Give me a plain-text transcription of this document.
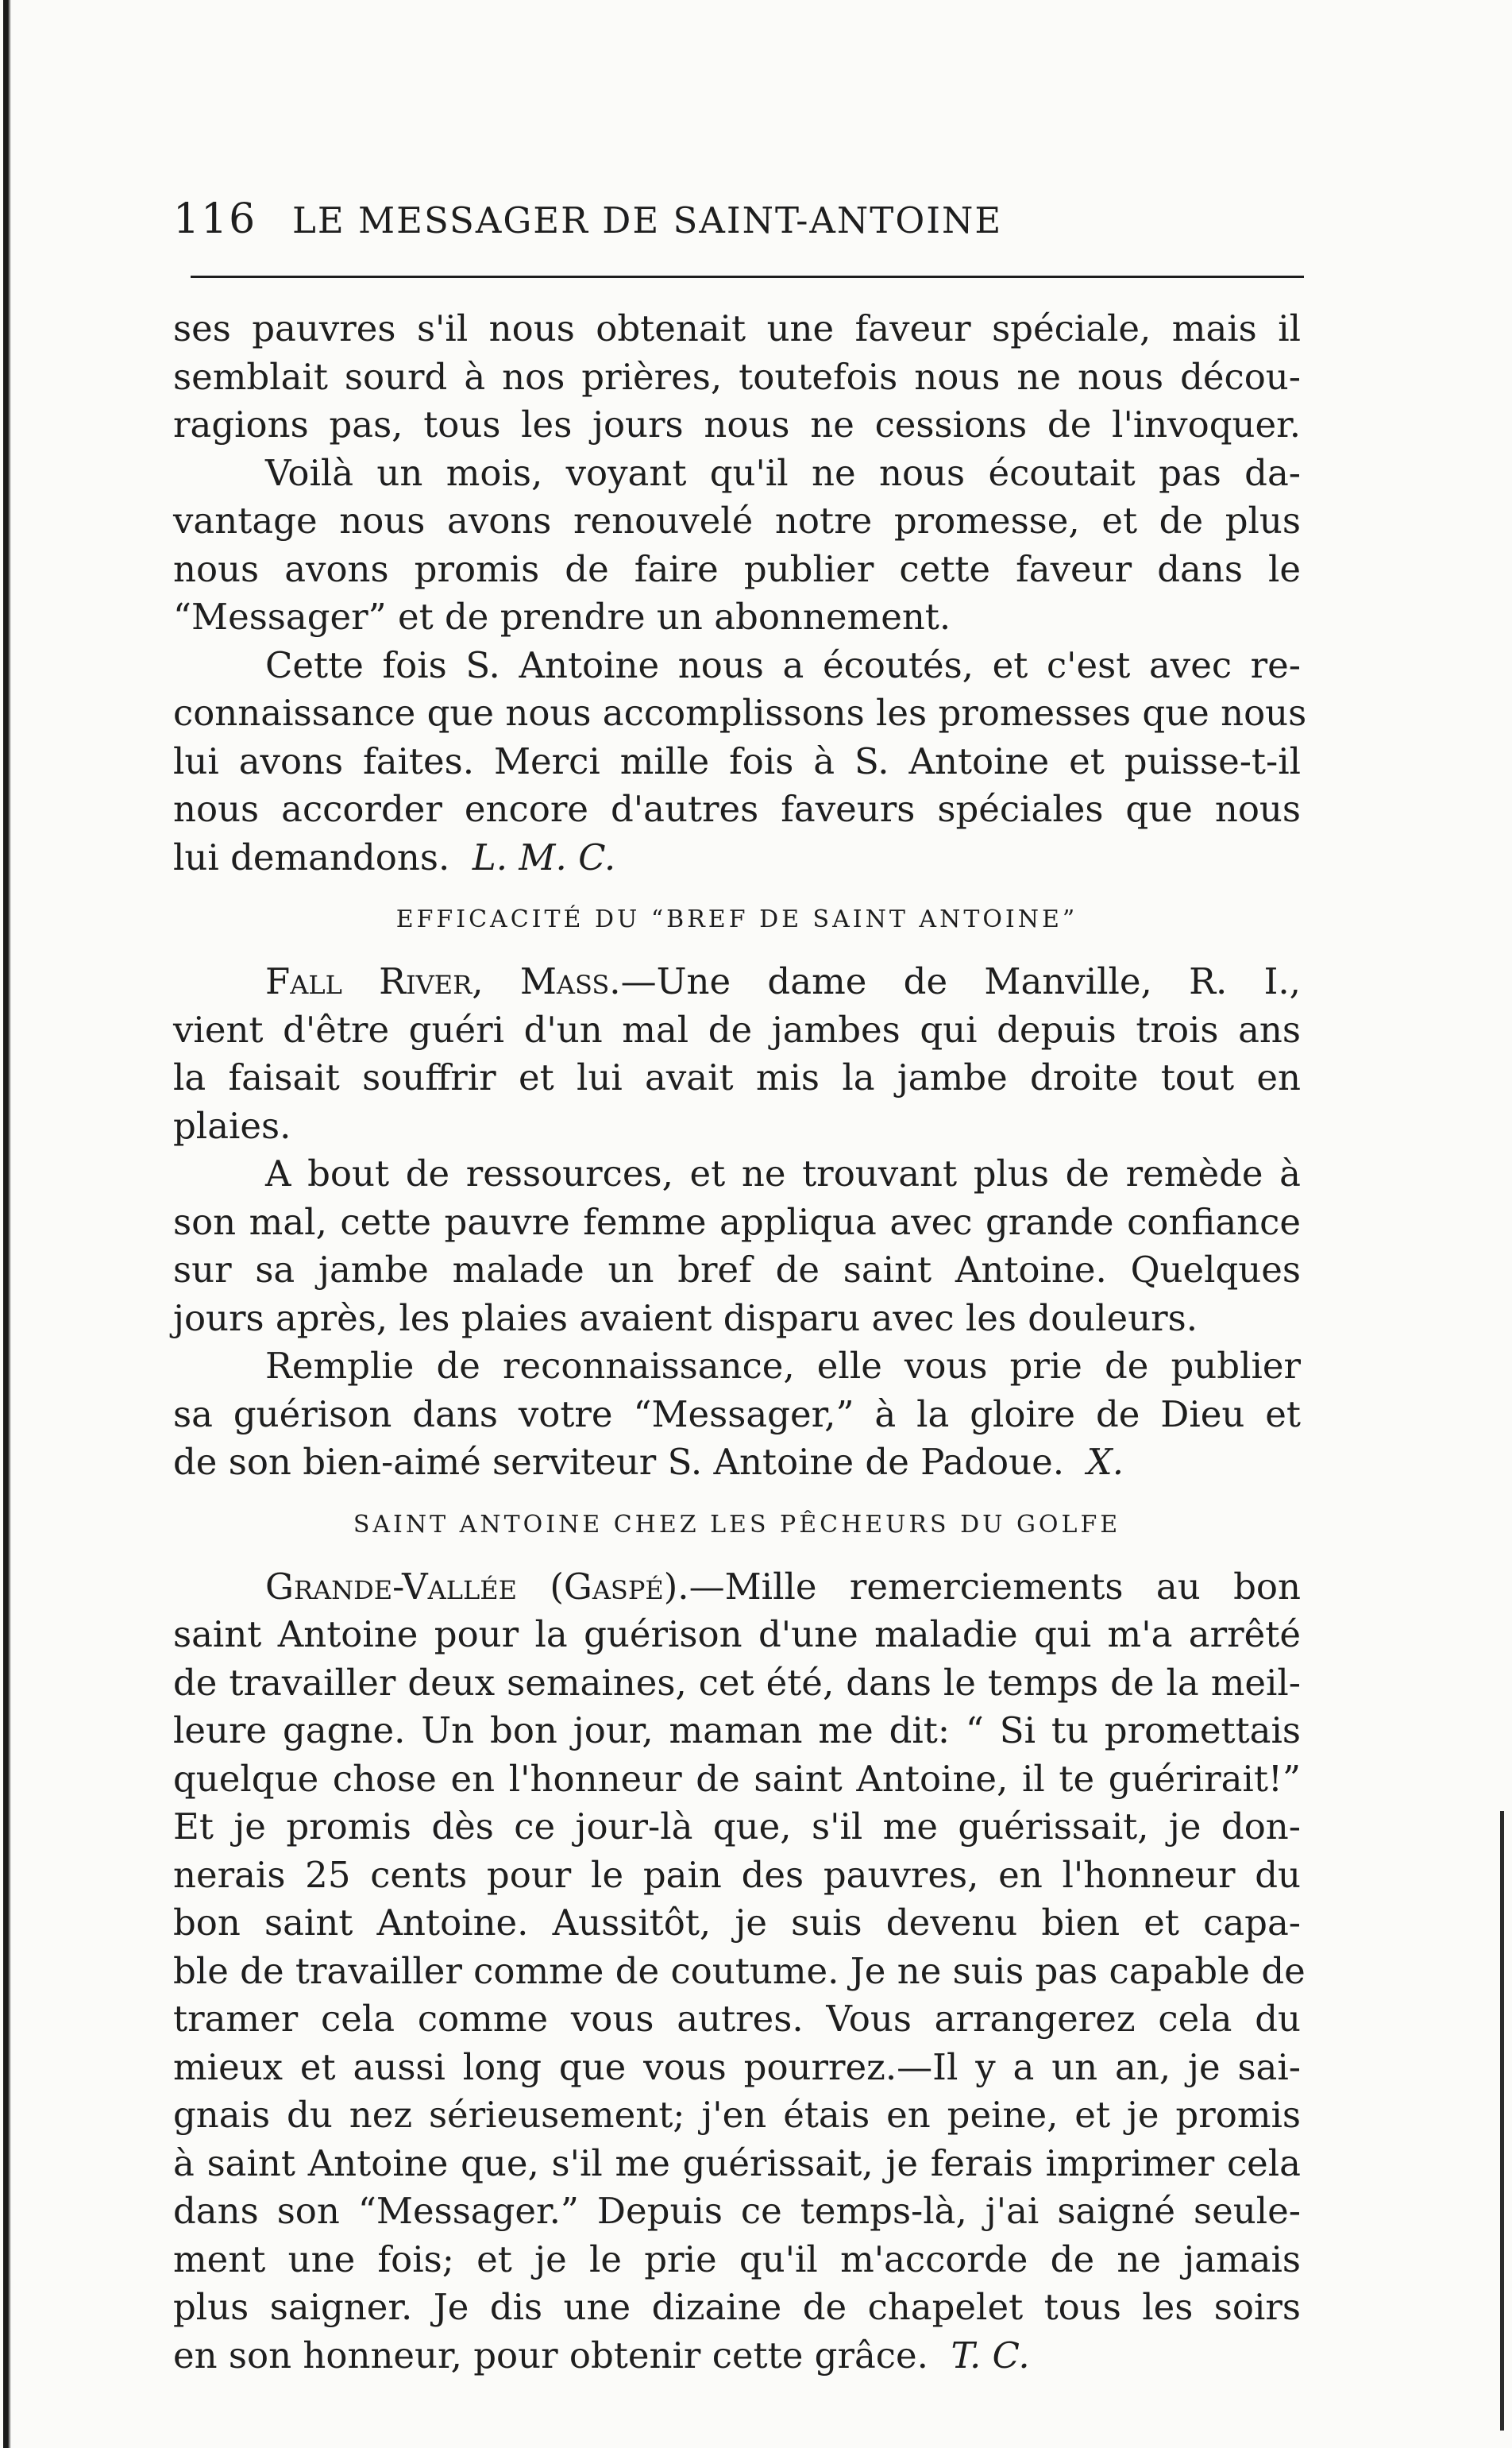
116 LE MESSAGER DE SAINT-ANTOINE
ses pauvres s'il nous obtenait une faveur spéciale, mais il
semblait sourd à nos prières, toutefois nous ne nous décou-
ragions pas, tous les jours nous ne cessions de l'invoquer.
Voilà un mois, voyant qu'il ne nous écoutait pas da-
vantage nous avons renouvelé notre promesse, et de plus
nous avons promis de faire publier cette faveur dans le
“Messager” et de prendre un abonnement.
Cette fois S. Antoine nous a écoutés, et c'est avec re-
connaissance que nous accomplissons les promesses que nous
lui avons faites. Merci mille fois à S. Antoine et puisse-t-il
nous accorder encore d'autres faveurs spéciales que nous
lui demandons. L. M. C.
EFFICACITÉ DU “BREF DE SAINT ANTOINE”
Fall River, Mass.—Une dame de Manville, R. I.,
vient d'être guéri d'un mal de jambes qui depuis trois ans
la faisait souffrir et lui avait mis la jambe droite tout en
plaies.
A bout de ressources, et ne trouvant plus de remède à
son mal, cette pauvre femme appliqua avec grande confiance
sur sa jambe malade un bref de saint Antoine. Quelques
jours après, les plaies avaient disparu avec les douleurs.
Remplie de reconnaissance, elle vous prie de publier
sa guérison dans votre “Messager,” à la gloire de Dieu et
de son bien-aimé serviteur S. Antoine de Padoue. X.
SAINT ANTOINE CHEZ LES PÊCHEURS DU GOLFE
Grande-Vallée (Gaspé).—Mille remerciements au bon
saint Antoine pour la guérison d'une maladie qui m'a arrêté
de travailler deux semaines, cet été, dans le temps de la meil-
leure gagne. Un bon jour, maman me dit: “ Si tu promettais
quelque chose en l'honneur de saint Antoine, il te guérirait!”
Et je promis dès ce jour-là que, s'il me guérissait, je don-
nerais 25 cents pour le pain des pauvres, en l'honneur du
bon saint Antoine. Aussitôt, je suis devenu bien et capa-
ble de travailler comme de coutume. Je ne suis pas capable de
tramer cela comme vous autres. Vous arrangerez cela du
mieux et aussi long que vous pourrez.—Il y a un an, je sai-
gnais du nez sérieusement; j'en étais en peine, et je promis
à saint Antoine que, s'il me guérissait, je ferais imprimer cela
dans son “Messager.” Depuis ce temps-là, j'ai saigné seule-
ment une fois; et je le prie qu'il m'accorde de ne jamais
plus saigner. Je dis une dizaine de chapelet tous les soirs
en son honneur, pour obtenir cette grâce. T. C.
